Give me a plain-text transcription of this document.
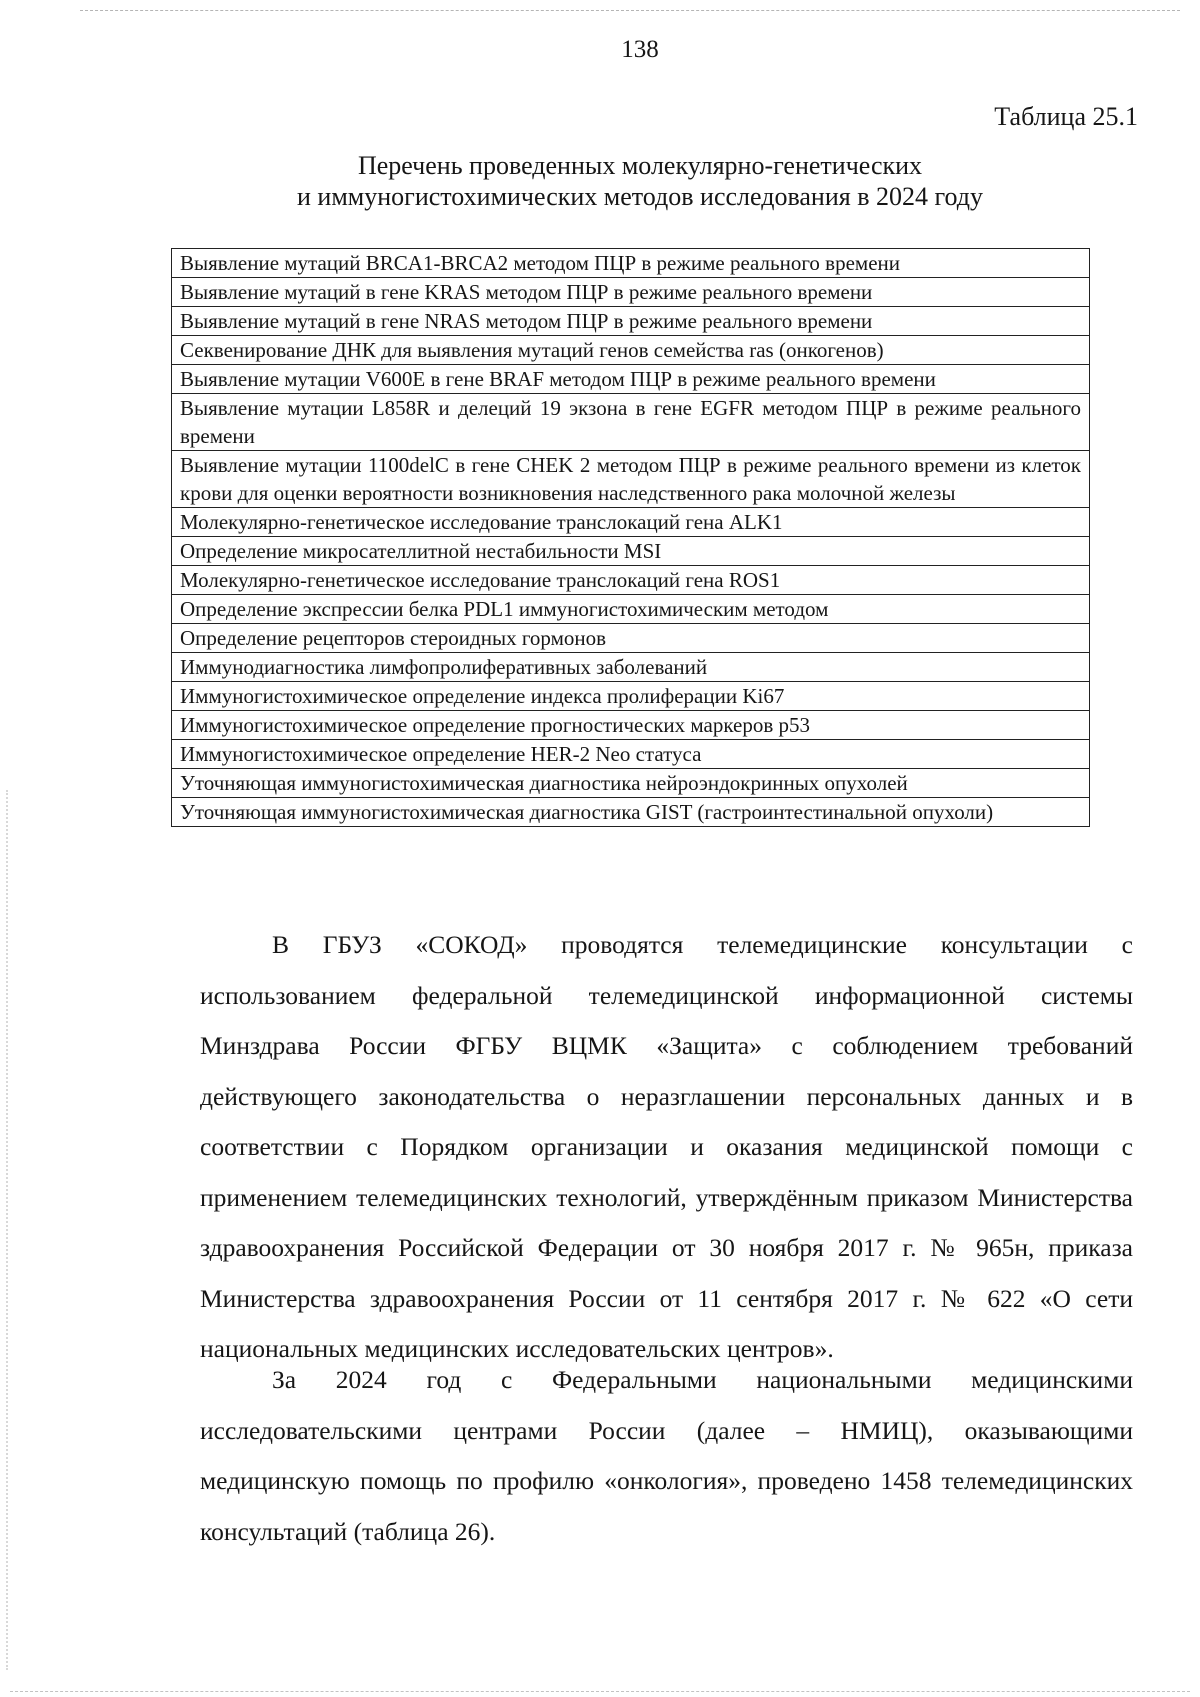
138
Таблица 25.1
Перечень проведенных молекулярно-генетических
и иммуногистохимических методов исследования в 2024 году
Выявление мутаций BRCA1-BRCA2 методом ПЦР в режиме реального времени
Выявление мутаций в гене KRAS методом ПЦР в режиме реального времени
Выявление мутаций в гене NRAS методом ПЦР в режиме реального времени
Секвенирование ДНК для выявления мутаций генов семейства ras (онкогенов)
Выявление мутации V600E в гене BRAF методом ПЦР в режиме реального времени
Выявление мутации L858R и делеций 19 экзона в гене EGFR методом ПЦР в режиме реального времени
Выявление мутации 1100delC в гене CHEK 2 методом ПЦР в режиме реального времени из клеток крови для оценки вероятности возникновения наследственного рака молочной железы
Молекулярно-генетическое исследование транслокаций гена ALK1
Определение микросателлитной нестабильности MSI
Молекулярно-генетическое исследование транслокаций гена ROS1
Определение экспрессии белка PDL1 иммуногистохимическим методом
Определение рецепторов стероидных гормонов
Иммунодиагностика лимфопролиферативных заболеваний
Иммуногистохимическое определение индекса пролиферации Ki67
Иммуногистохимическое определение прогностических маркеров p53
Иммуногистохимическое определение HER-2 Neo статуса
Уточняющая иммуногистохимическая диагностика нейроэндокринных опухолей
Уточняющая иммуногистохимическая диагностика GIST (гастроинтестинальной опухоли)

В ГБУЗ «СОКОД» проводятся телемедицинские консультации с использованием федеральной телемедицинской информационной системы Минздрава России ФГБУ ВЦМК «Защита» с соблюдением требований действующего законодательства о неразглашении персональных данных и в соответствии с Порядком организации и оказания медицинской помощи с применением телемедицинских технологий, утверждённым приказом Министерства здравоохранения Российской Федерации от 30 ноября 2017 г. № 965н, приказа Министерства здравоохранения России от 11 сентября 2017 г. № 622 «О сети национальных медицинских исследовательских центров».

За 2024 год с Федеральными национальными медицинскими исследовательскими центрами России (далее – НМИЦ), оказывающими медицинскую помощь по профилю «онкология», проведено 1458 телемедицинских консультаций (таблица 26).
